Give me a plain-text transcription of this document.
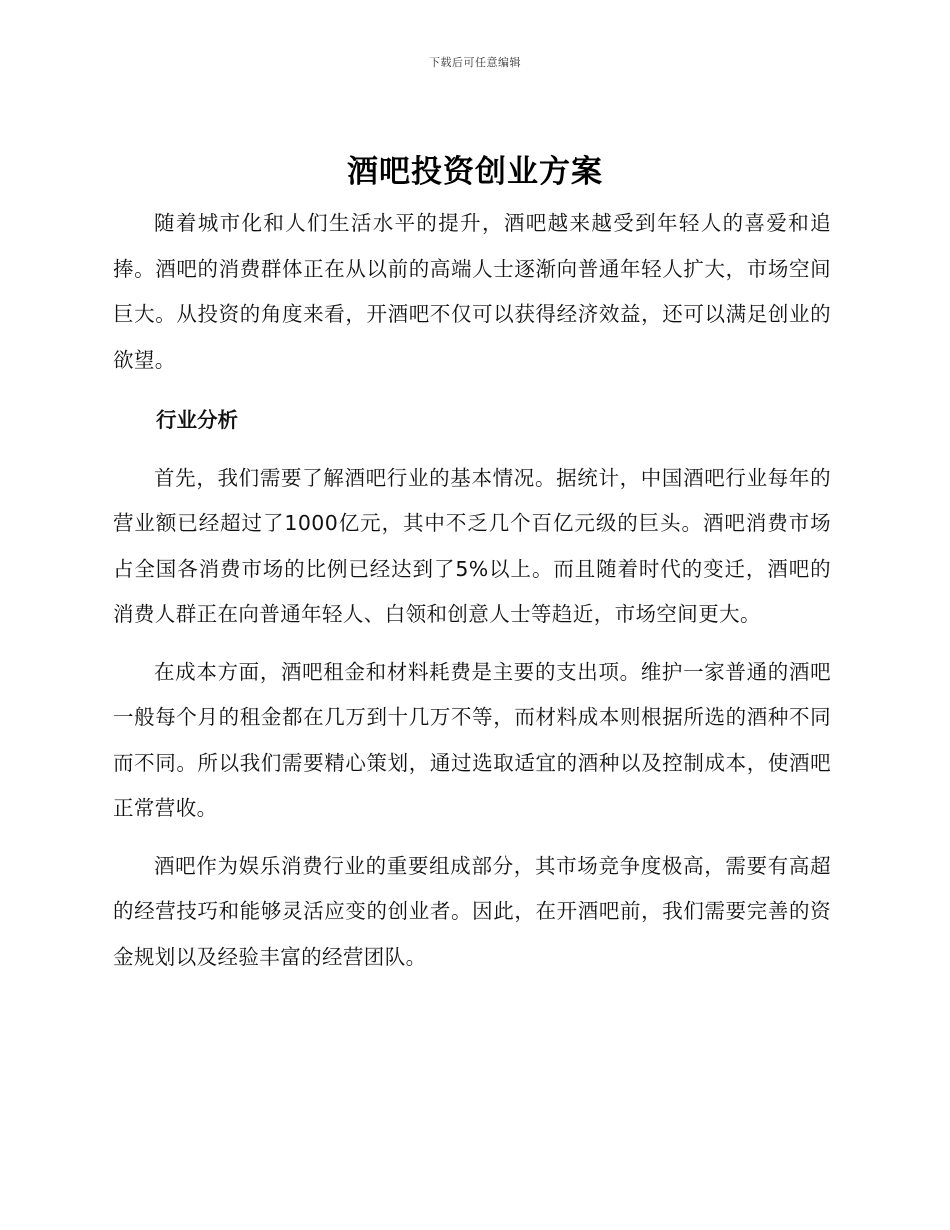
下载后可任意编辑
酒吧投资创业方案

随着城市化和人们生活水平的提升，酒吧越来越受到年轻人的喜爱和追捧。酒吧的消费群体正在从以前的高端人士逐渐向普通年轻人扩大，市场空间巨大。从投资的角度来看，开酒吧不仅可以获得经济效益，还可以满足创业的欲望。

行业分析

首先，我们需要了解酒吧行业的基本情况。据统计，中国酒吧行业每年的营业额已经超过了1000亿元，其中不乏几个百亿元级的巨头。酒吧消费市场占全国各消费市场的比例已经达到了5%以上。而且随着时代的变迁，酒吧的消费人群正在向普通年轻人、白领和创意人士等趋近，市场空间更大。

在成本方面，酒吧租金和材料耗费是主要的支出项。维护一家普通的酒吧一般每个月的租金都在几万到十几万不等，而材料成本则根据所选的酒种不同而不同。所以我们需要精心策划，通过选取适宜的酒种以及控制成本，使酒吧正常营收。

酒吧作为娱乐消费行业的重要组成部分，其市场竞争度极高，需要有高超的经营技巧和能够灵活应变的创业者。因此，在开酒吧前，我们需要完善的资金规划以及经验丰富的经营团队。
